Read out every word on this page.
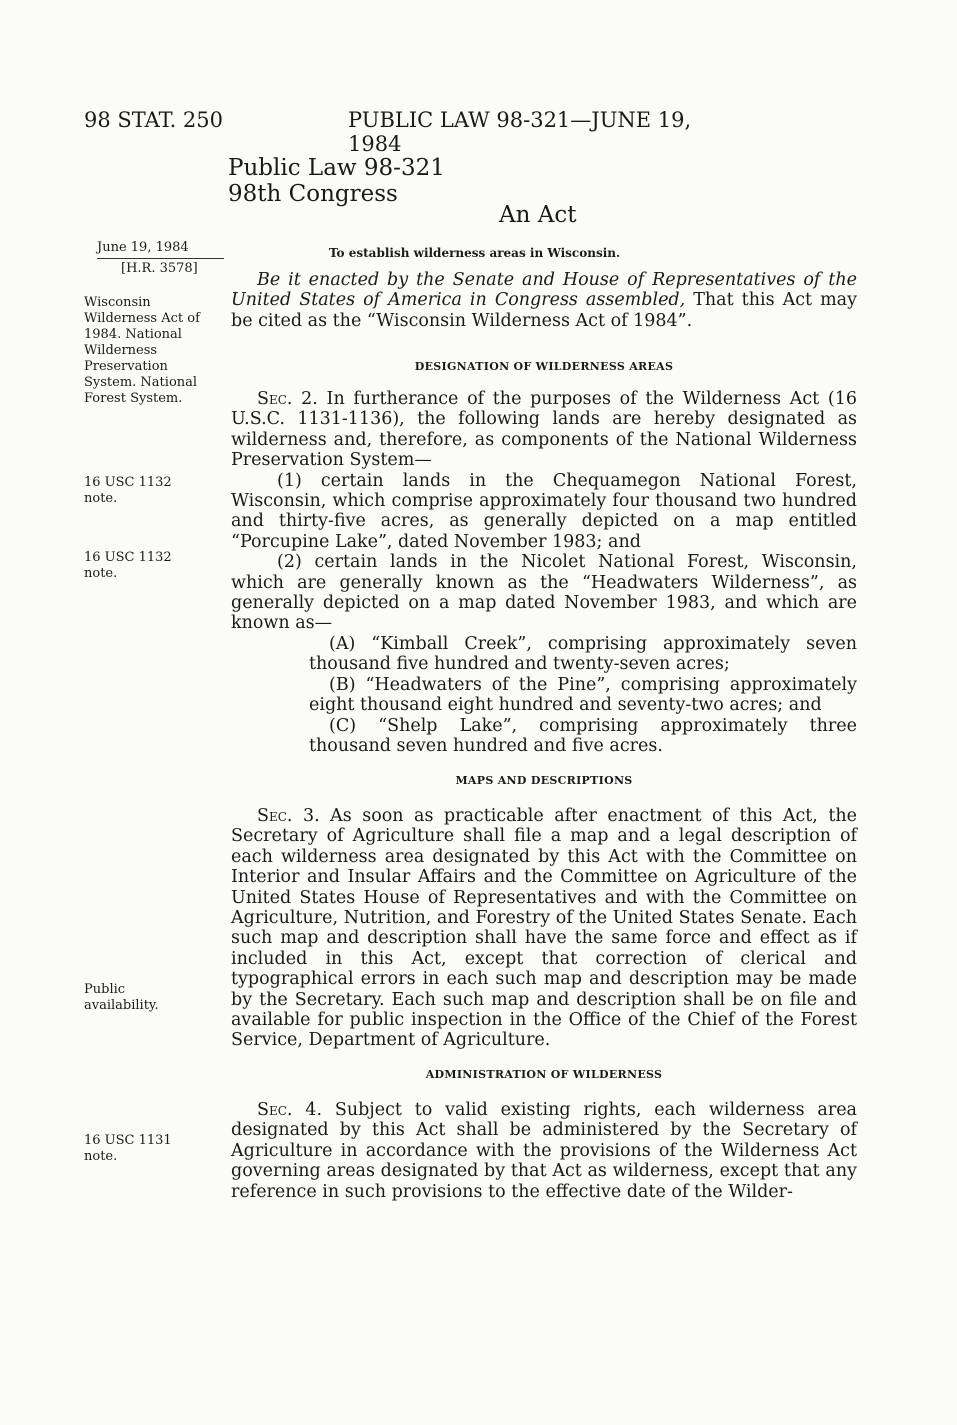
98 STAT. 250	PUBLIC LAW 98-321—JUNE 19, 1984
Public Law 98-321
98th Congress
An Act
To establish wilderness areas in Wisconsin.
June 19, 1984
[H.R. 3578]
Wisconsin Wilderness Act of 1984. National Wilderness Preservation System. National Forest System.
16 USC 1132 note.
16 USC 1132 note.
Public availability.
16 USC 1131 note.

Be it enacted by the Senate and House of Representatives of the United States of America in Congress assembled, That this Act may be cited as the “Wisconsin Wilderness Act of 1984”.

DESIGNATION OF WILDERNESS AREAS

Sec. 2. In furtherance of the purposes of the Wilderness Act (16 U.S.C. 1131-1136), the following lands are hereby designated as wilderness and, therefore, as components of the National Wilderness Preservation System—

(1) certain lands in the Chequamegon National Forest, Wisconsin, which comprise approximately four thousand two hundred and thirty-five acres, as generally depicted on a map entitled “Porcupine Lake”, dated November 1983; and

(2) certain lands in the Nicolet National Forest, Wisconsin, which are generally known as the “Headwaters Wilderness”, as generally depicted on a map dated November 1983, and which are known as—

(A) “Kimball Creek”, comprising approximately seven thousand five hundred and twenty-seven acres;

(B) “Headwaters of the Pine”, comprising approximately eight thousand eight hundred and seventy-two acres; and

(C) “Shelp Lake”, comprising approximately three thousand seven hundred and five acres.

MAPS AND DESCRIPTIONS

Sec. 3. As soon as practicable after enactment of this Act, the Secretary of Agriculture shall file a map and a legal description of each wilderness area designated by this Act with the Committee on Interior and Insular Affairs and the Committee on Agriculture of the United States House of Representatives and with the Committee on Agriculture, Nutrition, and Forestry of the United States Senate. Each such map and description shall have the same force and effect as if included in this Act, except that correction of clerical and typographical errors in each such map and description may be made by the Secretary. Each such map and description shall be on file and available for public inspection in the Office of the Chief of the Forest Service, Department of Agriculture.

ADMINISTRATION OF WILDERNESS

Sec. 4. Subject to valid existing rights, each wilderness area designated by this Act shall be administered by the Secretary of Agriculture in accordance with the provisions of the Wilderness Act governing areas designated by that Act as wilderness, except that any reference in such provisions to the effective date of the Wilder-
